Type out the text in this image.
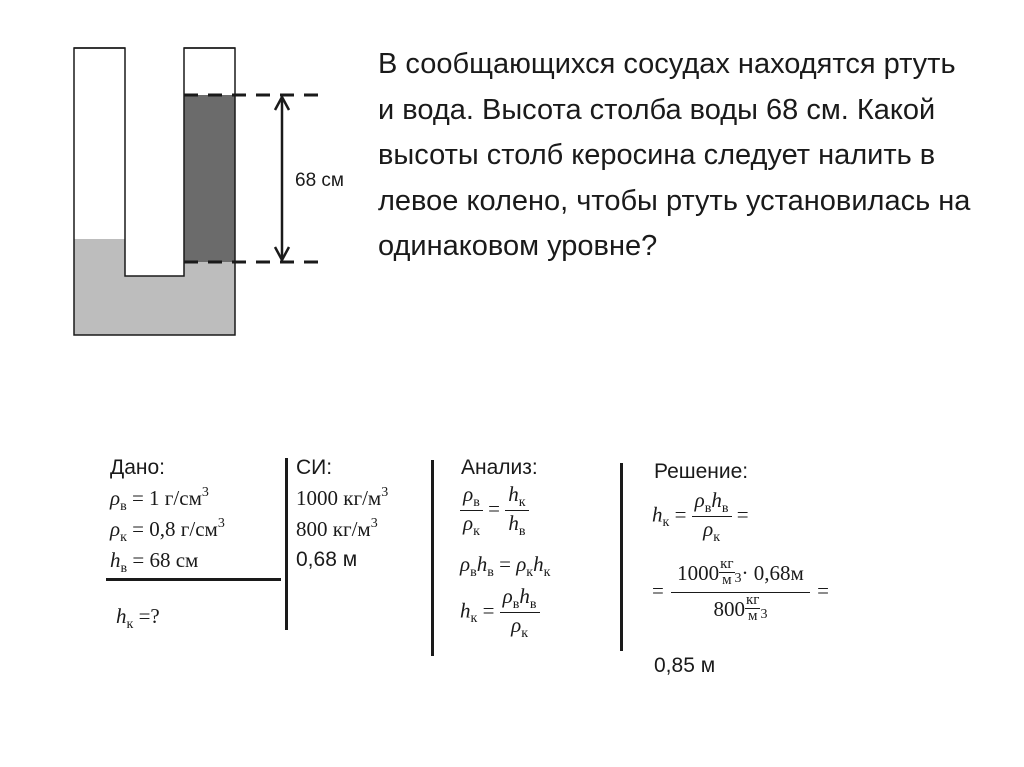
68 см
В сообщающихся сосудах находятся ртуть и вода. Высота столба воды 68 см. Какой высоты столб керосина следует налить в левое колено, чтобы ртуть установилась на одинаковом уровне?
Дано:
$\rho_в = 1$ $г/см^3$
$\rho_к = 0,8$ $г/см^3$
$h_в = 68$ см
$h_к$ =?
СИ:
1000 $кг/м^3$
800 $кг/м^3$
0,68 м
Анализ:
$\frac{\rho_в}{\rho_к} = \frac{h_к}{h_в}$
$\rho_вh_в = \rho_кh_к$
$h_к = \frac{\rho_вh_в}{\rho_к}$
Решение:
$h_к = \frac{\rho_вh_в}{\rho_к}$ =
= $\frac{1000 \frac{кг}{м} 3\cdot 0,68м}{800 \frac{кг}{м} 3}$ =
0,85 м
